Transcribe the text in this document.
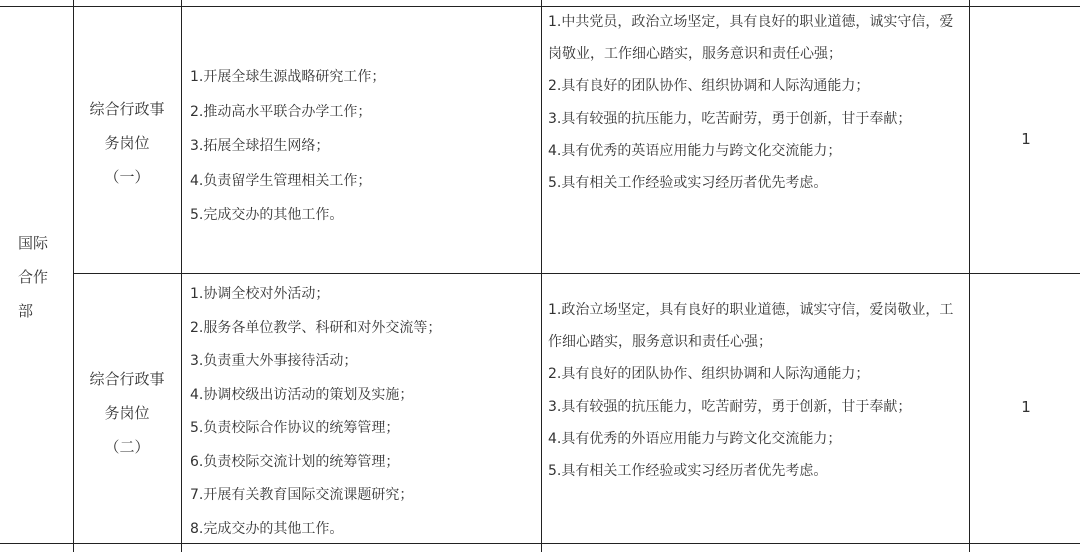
国际
合作
部
综合行政事
务岗位
（一）
1.开展全球生源战略研究工作；
2.推动高水平联合办学工作；
3.拓展全球招生网络；
4.负责留学生管理相关工作；
5.完成交办的其他工作。
1.中共党员，政治立场坚定，具有良好的职业道德，诚实守信，爱岗敬业，工作细心踏实，服务意识和责任心强；
2.具有良好的团队协作、组织协调和人际沟通能力；
3.具有较强的抗压能力，吃苦耐劳，勇于创新，甘于奉献；
4.具有优秀的英语应用能力与跨文化交流能力；
5.具有相关工作经验或实习经历者优先考虑。
1
综合行政事
务岗位
（二）
1.协调全校对外活动；
2.服务各单位教学、科研和对外交流等；
3.负责重大外事接待活动；
4.协调校级出访活动的策划及实施；
5.负责校际合作协议的统筹管理；
6.负责校际交流计划的统筹管理；
7.开展有关教育国际交流课题研究；
8.完成交办的其他工作。
1.政治立场坚定，具有良好的职业道德，诚实守信，爱岗敬业，工作细心踏实，服务意识和责任心强；
2.具有良好的团队协作、组织协调和人际沟通能力；
3.具有较强的抗压能力，吃苦耐劳，勇于创新，甘于奉献；
4.具有优秀的外语应用能力与跨文化交流能力；
5.具有相关工作经验或实习经历者优先考虑。
1
